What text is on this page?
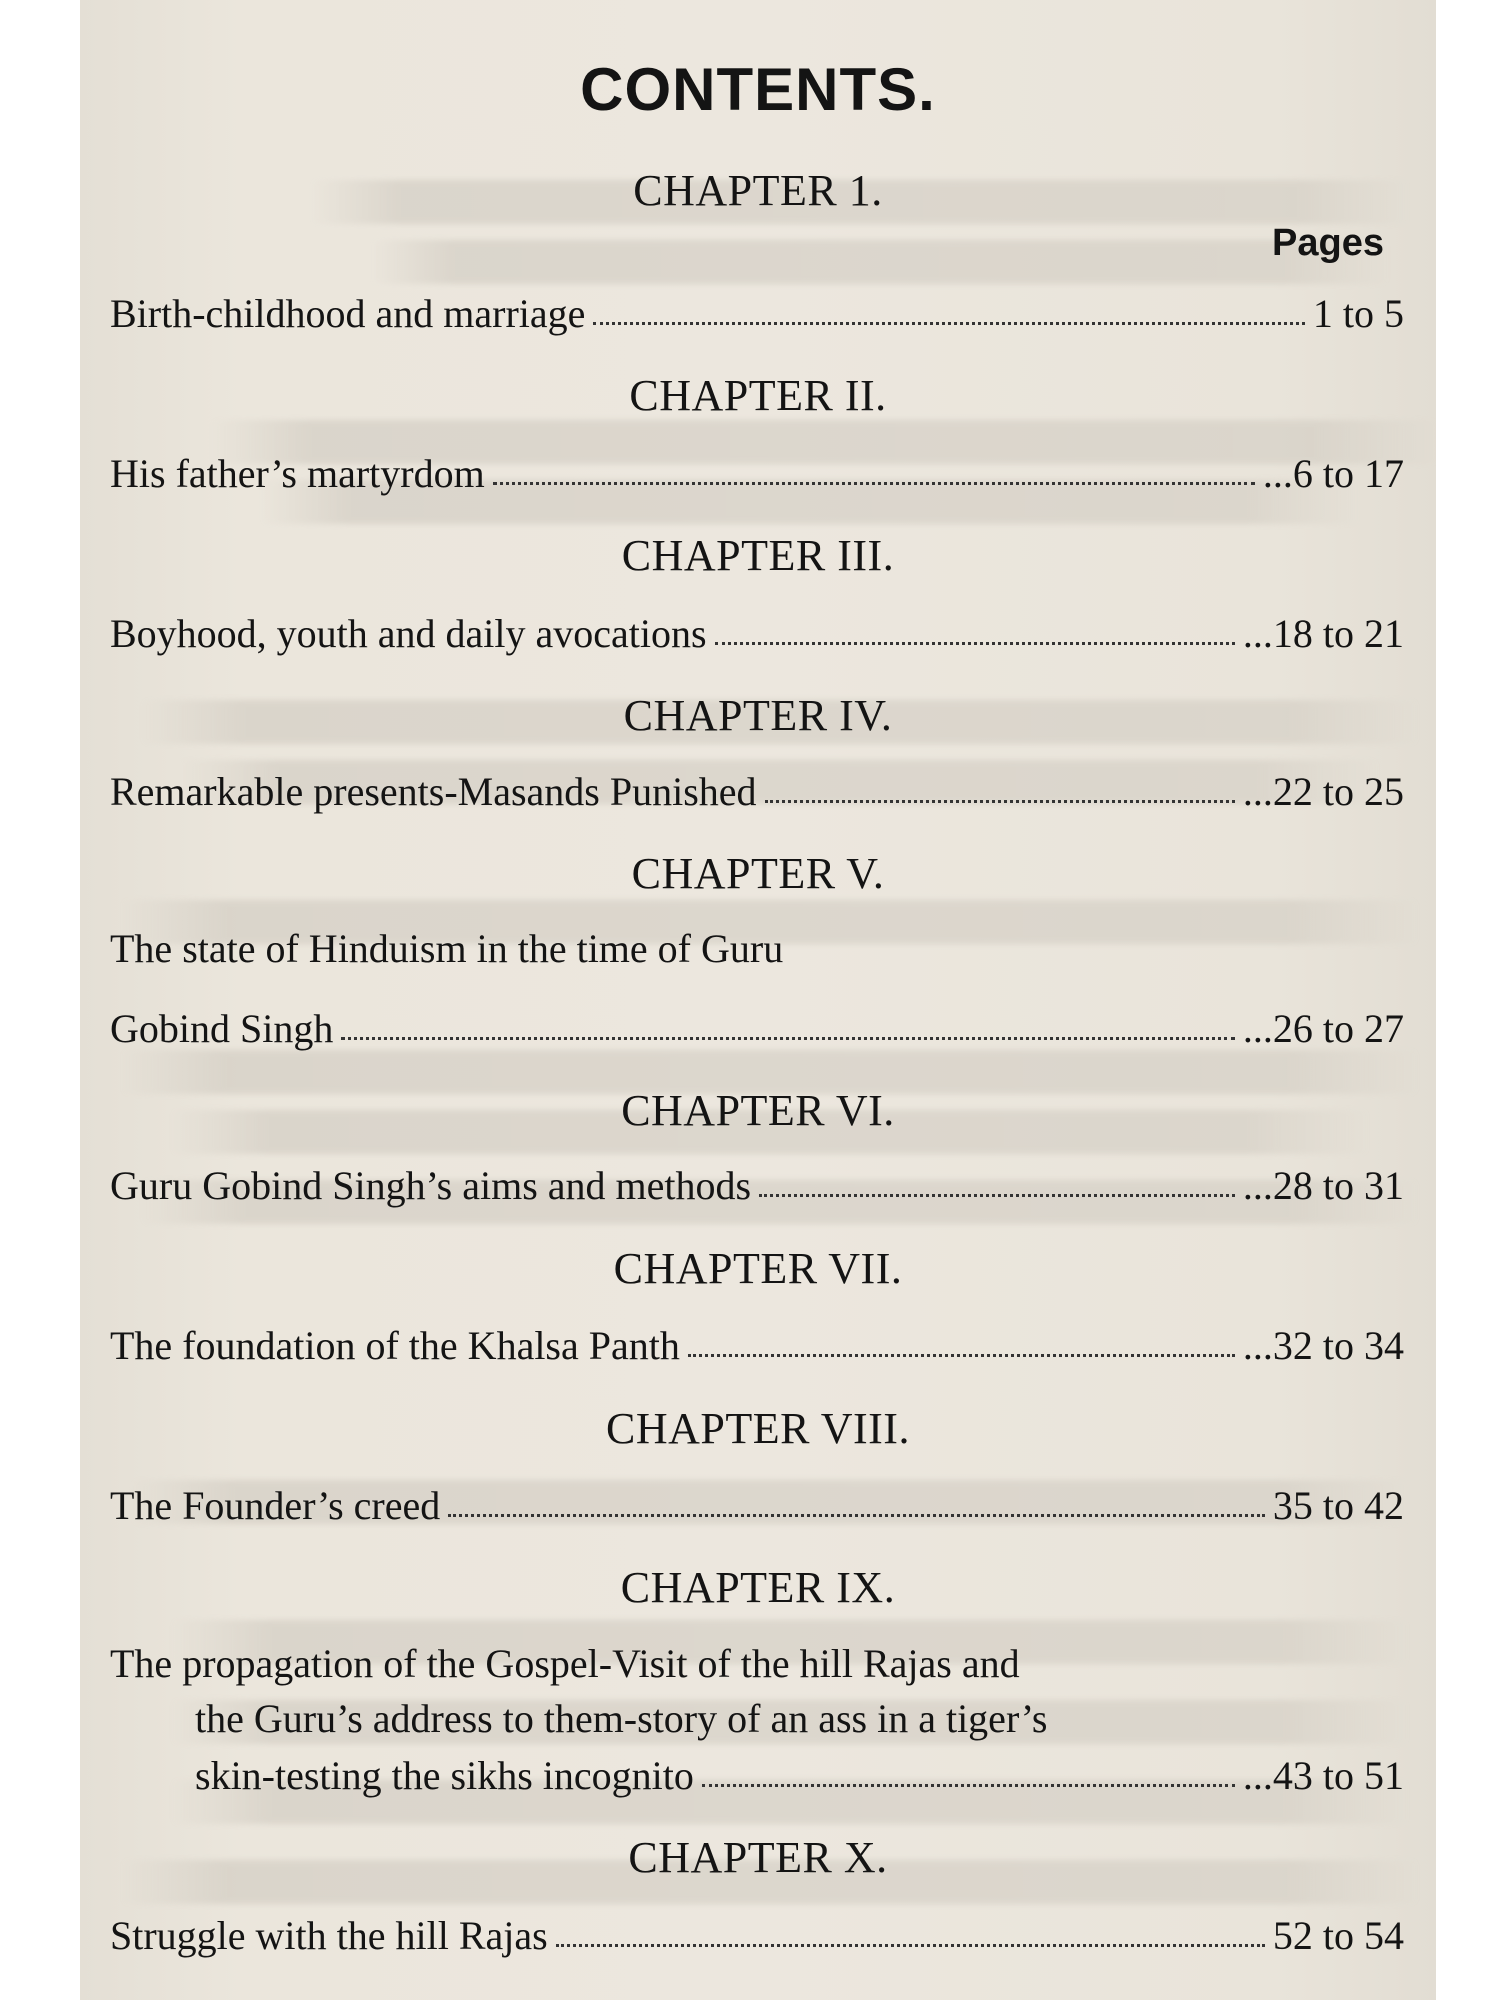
CONTENTS.
CHAPTER 1.
Pages
Birth-childhood and marriage	1 to 5
CHAPTER II.
His father’s martyrdom	...6 to 17
CHAPTER III.
Boyhood, youth and daily avocations	...18 to 21
CHAPTER IV.
Remarkable presents-Masands Punished	...22 to 25
CHAPTER V.
The state of Hinduism in the time of Guru
Gobind Singh	...26 to 27
CHAPTER VI.
Guru Gobind Singh’s aims and methods	...28 to 31
CHAPTER VII.
The foundation of the Khalsa Panth	...32 to 34
CHAPTER VIII.
The Founder’s creed	35 to 42
CHAPTER IX.
The propagation of the Gospel-Visit of the hill Rajas and
the Guru’s address to them-story of an ass in a tiger’s
skin-testing the sikhs incognito	...43 to 51
CHAPTER X.
Struggle with the hill Rajas	52 to 54
